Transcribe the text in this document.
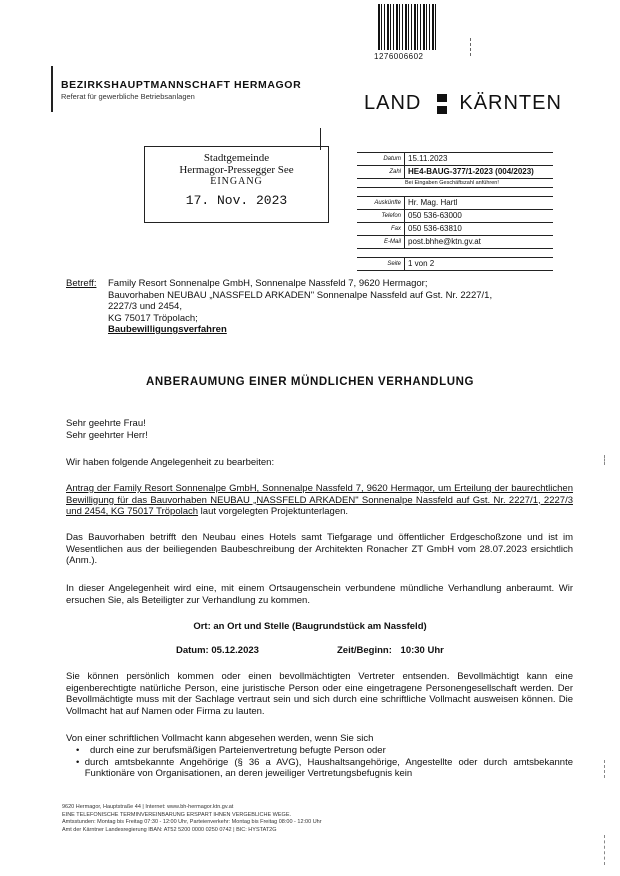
1276006602
BEZIRKSHAUPTMANNSCHAFT HERMAGOR
Referat für gewerbliche Betriebsanlagen	LAND KÄRNTEN
Stadtgemeinde
Hermagor-Pressegger See
EINGANG
17. Nov. 2023
Datum 15.11.2023
Zahl HE4-BAUG-377/1-2023 (004/2023)
Bei Eingaben Geschäftszahl anführen!
Auskünfte Hr. Mag. Hartl
Telefon 050 536-63000
Fax 050 536-63810
E-Mail post.bhhe@ktn.gv.at
Seite 1 von 2
Betreff: Family Resort Sonnenalpe GmbH, Sonnenalpe Nassfeld 7, 9620 Hermagor;
Bauvorhaben NEUBAU „NASSFELD ARKADEN" Sonnenalpe Nassfeld auf Gst. Nr. 2227/1,
2227/3 und 2454,
KG 75017 Tröpolach;
Baubewilligungsverfahren
ANBERAUMUNG EINER MÜNDLICHEN VERHANDLUNG
Sehr geehrte Frau!
Sehr geehrter Herr!
Wir haben folgende Angelegenheit zu bearbeiten:
Antrag der Family Resort Sonnenalpe GmbH, Sonnenalpe Nassfeld 7, 9620 Hermagor, um Erteilung der baurechtlichen Bewilligung für das Bauvorhaben NEUBAU „NASSFELD ARKADEN" Sonnenalpe Nassfeld auf Gst. Nr. 2227/1, 2227/3 und 2454, KG 75017 Tröpolach laut vorgelegten Projektunterlagen.
Das Bauvorhaben betrifft den Neubau eines Hotels samt Tiefgarage und öffentlicher Erdgeschoßzone und ist im Wesentlichen aus der beiliegenden Baubeschreibung der Architekten Ronacher ZT GmbH vom 28.07.2023 ersichtlich (Anm.).
In dieser Angelegenheit wird eine, mit einem Ortsaugenschein verbundene mündliche Verhandlung anberaumt. Wir ersuchen Sie, als Beteiligter zur Verhandlung zu kommen.
Ort: an Ort und Stelle (Baugrundstück am Nassfeld)
Datum: 05.12.2023	Zeit/Beginn: 10:30 Uhr
Sie können persönlich kommen oder einen bevollmächtigten Vertreter entsenden. Bevollmächtigt kann eine eigenberechtigte natürliche Person, eine juristische Person oder eine eingetragene Personengesellschaft werden. Der Bevollmächtigte muss mit der Sachlage vertraut sein und sich durch eine schriftliche Vollmacht ausweisen können. Die Vollmacht hat auf Namen oder Firma zu lauten.
Von einer schriftlichen Vollmacht kann abgesehen werden, wenn Sie sich
•	durch eine zur berufsmäßigen Parteienvertretung befugte Person oder
• durch amtsbekannte Angehörige (§ 36 a AVG), Haushaltsangehörige, Angestellte oder durch amtsbekannte Funktionäre von Organisationen, an deren jeweiliger Vertretungsbefugnis kein
9620 Hermagor, Hauptstraße 44 | Internet: www.bh-hermagor.ktn.gv.at
EINE TELEFONISCHE TERMINVEREINBARUNG ERSPART IHNEN VERGEBLICHE WEGE.
Amtsstunden: Montag bis Freitag 07:30 - 12:00 Uhr, Parteienverkehr: Montag bis Freitag 08:00 - 12:00 Uhr
Amt der Kärntner Landesregierung IBAN: AT52 5200 0000 0250 0742 | BIC: HYSTAT2G
